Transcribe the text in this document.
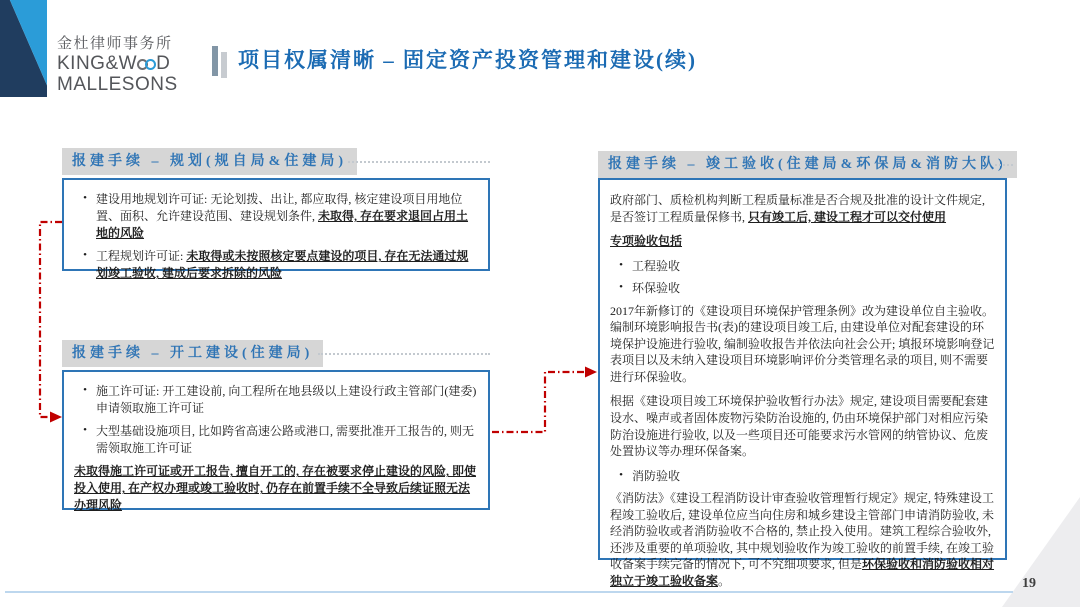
金杜律师事务所
KING&W D
MALLESONS
项目权属清晰 – 固定资产投资管理和建设(续)
报建手续 – 规划(规自局&住建局)
• 建设用地规划许可证: 无论划拨、出让, 都应取得, 核定建设项目用地位置、面积、允许建设范围、建设规划条件, 未取得, 存在要求退回占用土地的风险
• 工程规划许可证: 未取得或未按照核定要点建设的项目, 存在无法通过规划竣工验收, 建成后要求拆除的风险
报建手续 – 开工建设(住建局)
• 施工许可证: 开工建设前, 向工程所在地县级以上建设行政主管部门(建委)申请领取施工许可证
• 大型基础设施项目, 比如跨省高速公路或港口, 需要批准开工报告的, 则无需领取施工许可证
未取得施工许可证或开工报告, 擅自开工的, 存在被要求停止建设的风险, 即使投入使用, 在产权办理或竣工验收时, 仍存在前置手续不全导致后续证照无法办理风险
报建手续 – 竣工验收(住建局&环保局&消防大队)
政府部门、质检机构判断工程质量标准是否合规及批准的设计文件规定, 是否签订工程质量保修书, 只有竣工后, 建设工程才可以交付使用
专项验收包括
• 工程验收
• 环保验收
2017年新修订的《建设项目环境保护管理条例》改为建设单位自主验收。编制环境影响报告书(表)的建设项目竣工后, 由建设单位对配套建设的环境保护设施进行验收, 编制验收报告并依法向社会公开; 填报环境影响登记表项目以及未纳入建设项目环境影响评价分类管理名录的项目, 则不需要进行环保验收。
根据《建设项目竣工环境保护验收暂行办法》规定, 建设项目需要配套建设水、噪声或者固体废物污染防治设施的, 仍由环境保护部门对相应污染防治设施进行验收, 以及一些项目还可能要求污水管网的纳管协议、危废处置协议等办理环保备案。
• 消防验收
《消防法》《建设工程消防设计审查验收管理暂行规定》规定, 特殊建设工程竣工验收后, 建设单位应当向住房和城乡建设主管部门申请消防验收, 未经消防验收或者消防验收不合格的, 禁止投入使用。建筑工程综合验收外, 还涉及重要的单项验收, 其中规划验收作为竣工验收的前置手续, 在竣工验收备案手续完备的情况下, 可不究细项要求, 但是环保验收和消防验收相对独立于竣工验收备案。	19
